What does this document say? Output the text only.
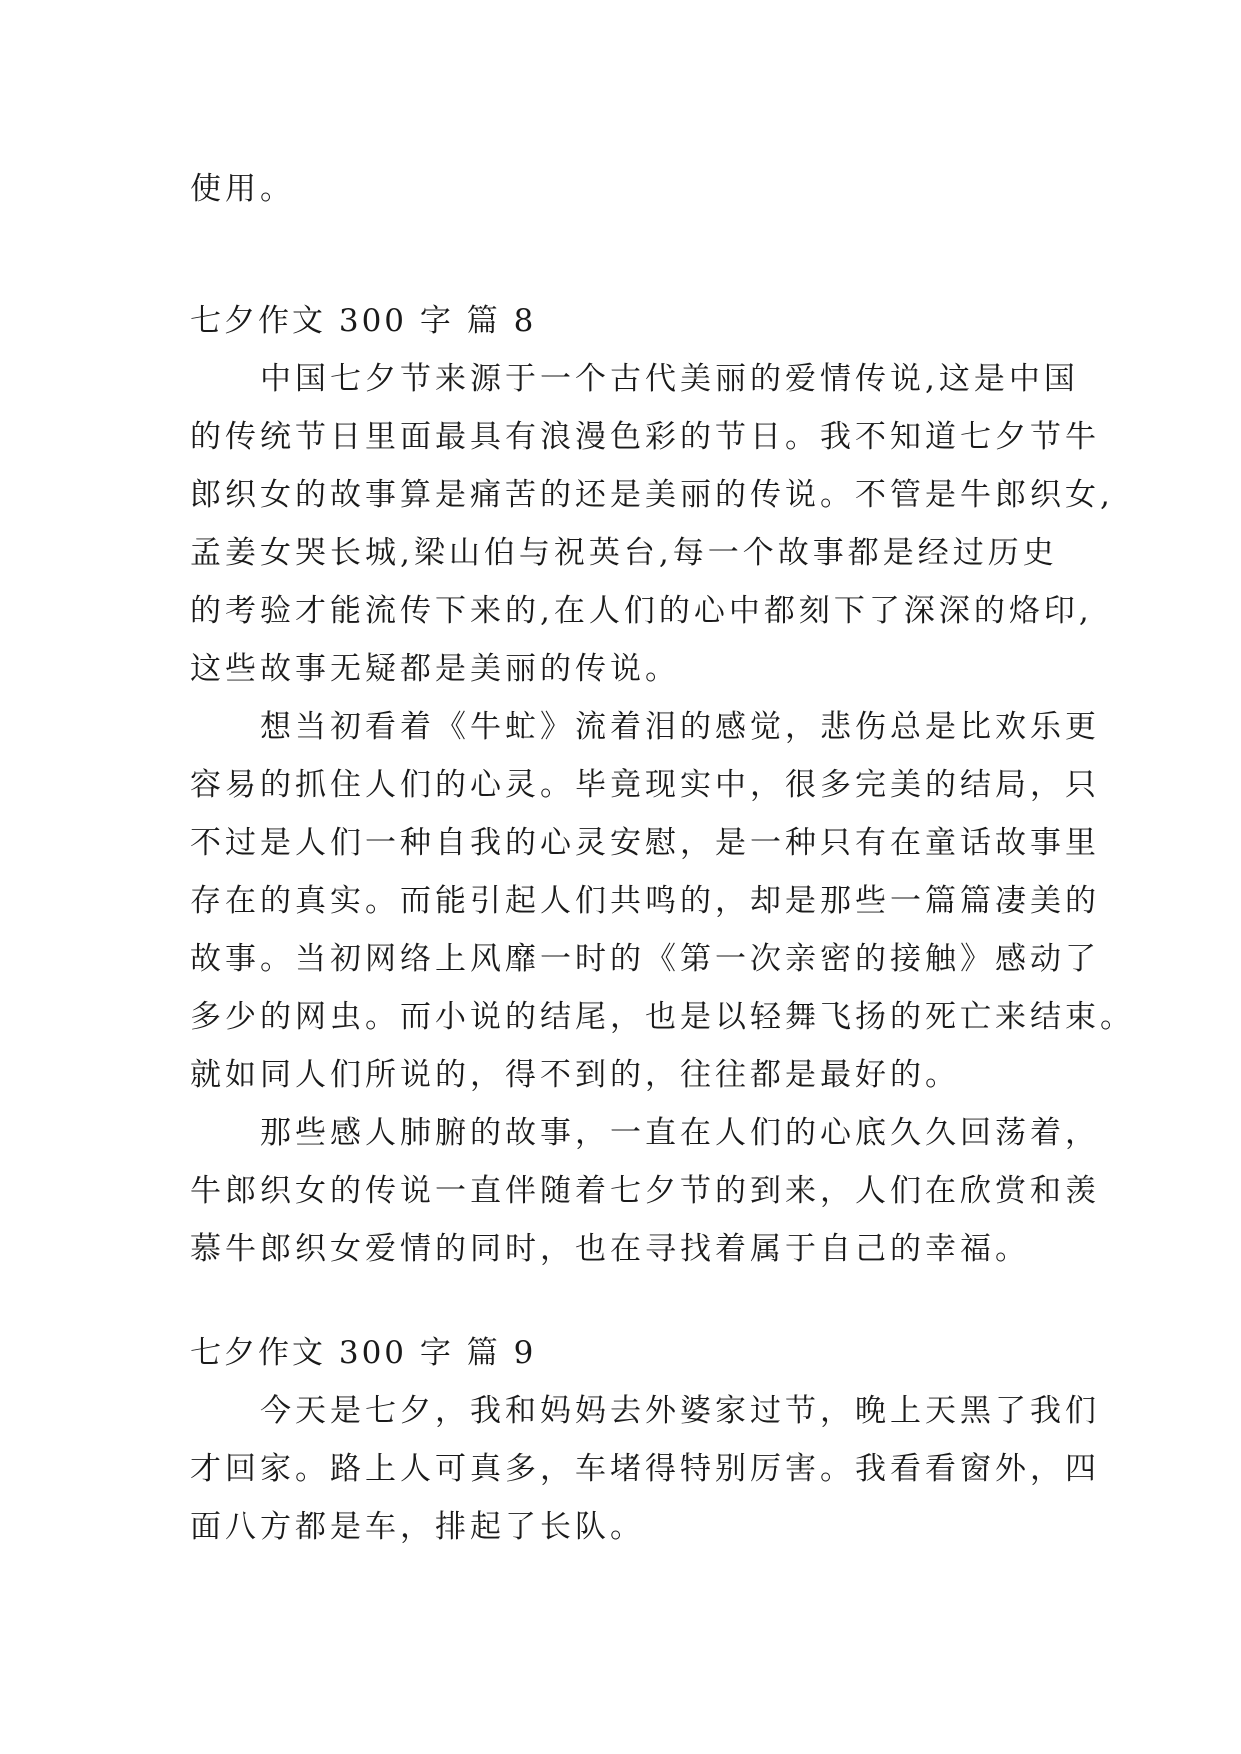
使用。
七夕作文 300 字 篇 8
　　中国七夕节来源于一个古代美丽的爱情传说,这是中国
的传统节日里面最具有浪漫色彩的节日。我不知道七夕节牛
郎织女的故事算是痛苦的还是美丽的传说。不管是牛郎织女,
孟姜女哭长城,梁山伯与祝英台,每一个故事都是经过历史
的考验才能流传下来的,在人们的心中都刻下了深深的烙印,
这些故事无疑都是美丽的传说。
　　想当初看着《牛虻》流着泪的感觉，悲伤总是比欢乐更
容易的抓住人们的心灵。毕竟现实中，很多完美的结局，只
不过是人们一种自我的心灵安慰，是一种只有在童话故事里
存在的真实。而能引起人们共鸣的，却是那些一篇篇凄美的
故事。当初网络上风靡一时的《第一次亲密的接触》感动了
多少的网虫。而小说的结尾，也是以轻舞飞扬的死亡来结束。
就如同人们所说的，得不到的，往往都是最好的。
　　那些感人肺腑的故事，一直在人们的心底久久回荡着，
牛郎织女的传说一直伴随着七夕节的到来，人们在欣赏和羡
慕牛郎织女爱情的同时，也在寻找着属于自己的幸福。
七夕作文 300 字 篇 9
　　今天是七夕，我和妈妈去外婆家过节，晚上天黑了我们
才回家。路上人可真多，车堵得特别厉害。我看看窗外，四
面八方都是车，排起了长队。
